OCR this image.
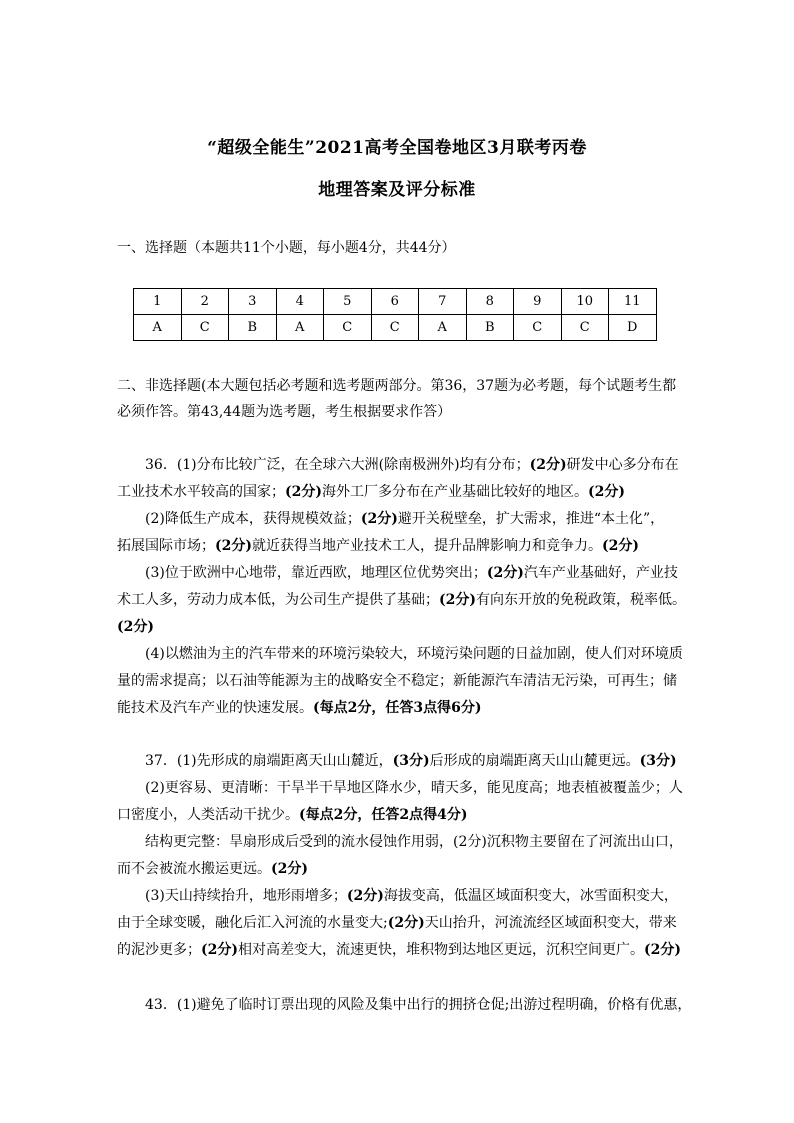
“超级全能生”2021高考全国卷地区3月联考丙卷
地理答案及评分标准
一、选择题（本题共11个小题，每小题4分，共44分）
1	2	3	4	5	6	7	8	9	10	11
A	C	B	A	C	C	A	B	C	C	D
二、非选择题(本大题包括必考题和选考题两部分。第36，37题为必考题，每个试题考生都
必须作答。第43,44题为选考题，考生根据要求作答）
36．(1)分布比较广泛，在全球六大洲(除南极洲外)均有分布；(2分)研发中心多分布在
工业技术水平较高的国家；(2分)海外工厂多分布在产业基础比较好的地区。(2分)
(2)降低生产成本，获得规模效益；(2分)避开关税壁垒，扩大需求，推进“本土化”，
拓展国际市场；(2分)就近获得当地产业技术工人，提升品牌影响力和竞争力。(2分)
(3)位于欧洲中心地带，靠近西欧，地理区位优势突出；(2分)汽车产业基础好，产业技
术工人多，劳动力成本低，为公司生产提供了基础；(2分)有向东开放的免税政策，税率低。
(2分)
(4)以燃油为主的汽车带来的环境污染较大，环境污染问题的日益加剧，使人们对环境质
量的需求提高；以石油等能源为主的战略安全不稳定；新能源汽车清洁无污染，可再生；储
能技术及汽车产业的快速发展。(每点2分，任答3点得6分)
37．(1)先形成的扇端距离天山山麓近，(3分)后形成的扇端距离天山山麓更远。(3分)
(2)更容易、更清晰：干旱半干旱地区降水少，晴天多，能见度高；地表植被覆盖少；人
口密度小，人类活动干扰少。(每点2分，任答2点得4分)
结构更完整：旱扇形成后受到的流水侵蚀作用弱，(2分)沉积物主要留在了河流出山口，
而不会被流水搬运更远。(2分)
(3)天山持续抬升，地形雨增多；(2分)海拔变高，低温区域面积变大，冰雪面积变大，
由于全球变暖，融化后汇入河流的水量变大;(2分)天山抬升，河流流经区域面积变大，带来
的泥沙更多；(2分)相对高差变大，流速更快，堆积物到达地区更远，沉积空间更广。(2分)
43．(1)避免了临时订票出现的风险及集中出行的拥挤仓促;出游过程明确，价格有优惠，
